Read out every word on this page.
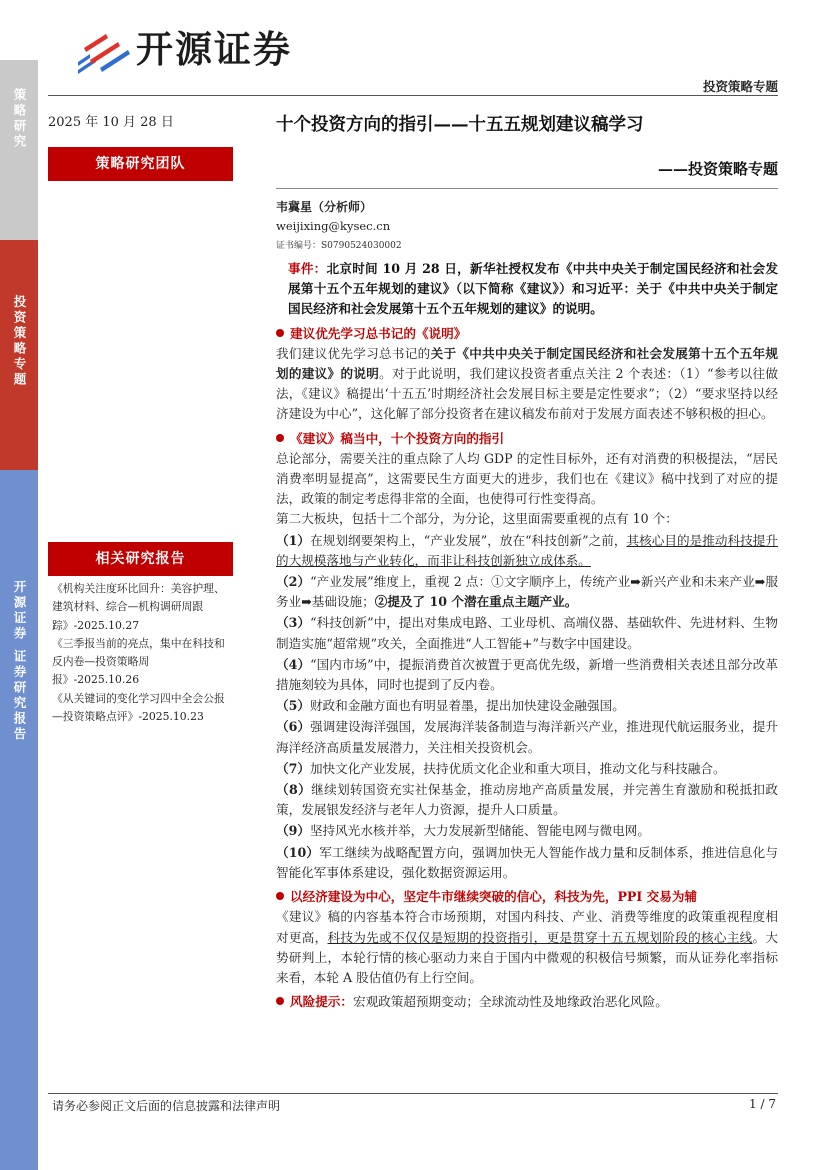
开源证券
投资策略专题
策略研究
投资策略专题
开源证券 证券研究报告
2025 年 10 月 28 日
策略研究团队
相关研究报告
《机构关注度环比回升：美容护理、建筑材料、综合—机构调研周跟踪》-2025.10.27
《三季报当前的亮点，集中在科技和反内卷—投资策略周报》-2025.10.26
《从关键词的变化学习四中全会公报—投资策略点评》-2025.10.23
十个投资方向的指引——十五五规划建议稿学习
——投资策略专题
韦冀星（分析师）
weijixing@kysec.cn
证书编号：S0790524030002

事件：北京时间 10 月 28 日，新华社授权发布《中共中央关于制定国民经济和社会发展第十五个五年规划的建议》（以下简称《建议》）和习近平：关于《中共中央关于制定国民经济和社会发展第十五个五年规划的建议》的说明。

建议优先学习总书记的《说明》

我们建议优先学习总书记的关于《中共中央关于制定国民经济和社会发展第十五个五年规划的建议》的说明。对于此说明，我们建议投资者重点关注 2 个表述：（1）“参考以往做法，《建议》稿提出‘十五五’时期经济社会发展目标主要是定性要求”；（2）“要求坚持以经济建设为中心”，这化解了部分投资者在建议稿发布前对于发展方面表述不够积极的担心。

《建议》稿当中，十个投资方向的指引

总论部分，需要关注的重点除了人均 GDP 的定性目标外，还有对消费的积极提法，“居民消费率明显提高”，这需要民生方面更大的进步，我们也在《建议》稿中找到了对应的提法，政策的制定考虑得非常的全面，也使得可行性变得高。

第二大板块，包括十二个部分，为分论，这里面需要重视的点有 10 个：

（1）在规划纲要架构上，“产业发展”，放在“科技创新”之前，其核心目的是推动科技提升的大规模落地与产业转化，而非让科技创新独立成体系。

（2）“产业发展”维度上，重视 2 点：①文字顺序上，传统产业➡新兴产业和未来产业➡服务业➡基础设施；②提及了 10 个潜在重点主题产业。

（3）“科技创新”中，提出对集成电路、工业母机、高端仪器、基础软件、先进材料、生物制造实施“超常规”攻关，全面推进“人工智能+”与数字中国建设。

（4）“国内市场”中，提振消费首次被置于更高优先级，新增一些消费相关表述且部分改革措施刻较为具体，同时也提到了反内卷。

（5）财政和金融方面也有明显着墨，提出加快建设金融强国。

（6）强调建设海洋强国，发展海洋装备制造与海洋新兴产业，推进现代航运服务业，提升海洋经济高质量发展潜力，关注相关投资机会。

（7）加快文化产业发展，扶持优质文化企业和重大项目，推动文化与科技融合。

（8）继续划转国资充实社保基金，推动房地产高质量发展，并完善生育激励和税抵扣政策，发展银发经济与老年人力资源，提升人口质量。

（9）坚持风光水核并举，大力发展新型储能、智能电网与微电网。

（10）军工继续为战略配置方向，强调加快无人智能作战力量和反制体系，推进信息化与智能化军事体系建设，强化数据资源运用。

以经济建设为中心，坚定牛市继续突破的信心，科技为先，PPI 交易为辅

《建议》稿的内容基本符合市场预期，对国内科技、产业、消费等维度的政策重视程度相对更高，科技为先或不仅仅是短期的投资指引，更是贯穿十五五规划阶段的核心主线。大势研判上，本轮行情的核心驱动力来自于国内中微观的积极信号频繁，而从证券化率指标来看，本轮 A 股估值仍有上行空间。

风险提示：宏观政策超预期变动；全球流动性及地缘政治恶化风险。

请务必参阅正文后面的信息披露和法律声明	1 / 7
